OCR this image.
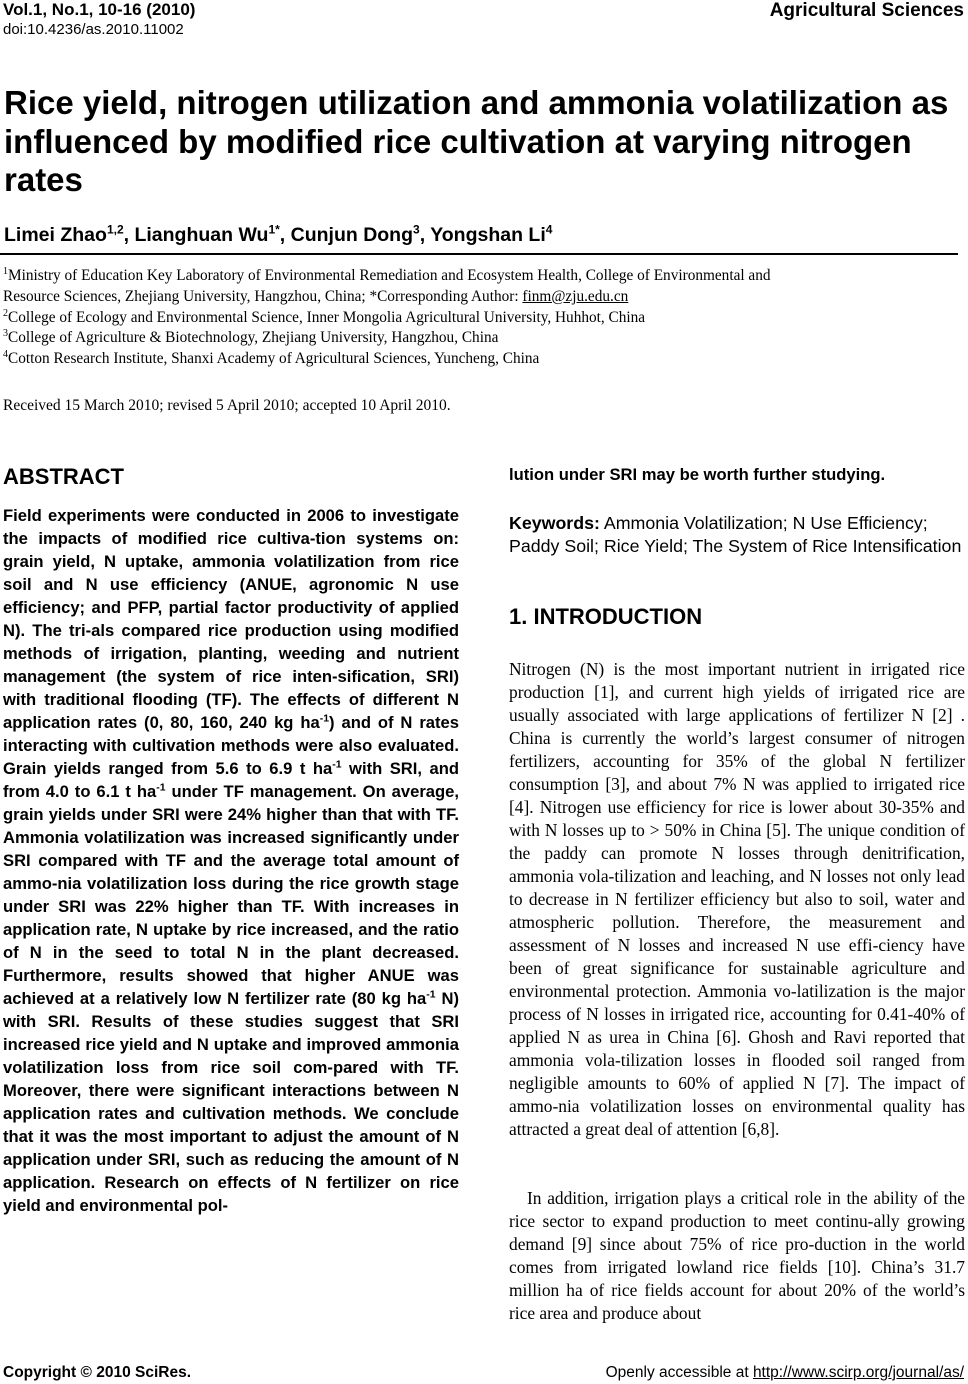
Vol.1, No.1, 10-16 (2010)
doi:10.4236/as.2010.11002
Agricultural Sciences
Rice yield, nitrogen utilization and ammonia volatilization as influenced by modified rice cultivation at varying nitrogen rates
Limei Zhao$^{1,2}$, Lianghuan $Wu^{1*}$, Cunjun Dong$^3$, Yongshan Li$^4$
$^1$Ministry of Education Key Laboratory of Environmental Remediation and Ecosystem Health, College of Environmental and
Resource Sciences, Zhejiang University, Hangzhou, China; *Corresponding Author: finm@zju.edu.cn
$^2$College of Ecology and Environmental Science, Inner Mongolia Agricultural University, Huhhot, China
$^3$College of Agriculture & Biotechnology, Zhejiang University, Hangzhou, China
$^4$Cotton Research Institute, Shanxi Academy of Agricultural Sciences, Yuncheng, China
Received 15 March 2010; revised 5 April 2010; accepted 10 April 2010.
ABSTRACT

Field experiments were conducted in 2006 to investigate the impacts of modified rice cultiva-tion systems on: grain yield, N uptake, ammonia volatilization from rice soil and N use efficiency (ANUE, agronomic N use efficiency; and PFP, partial factor productivity of applied N). The tri-als compared rice production using modified methods of irrigation, planting, weeding and nutrient management (the system of rice inten-sification, SRI) with traditional flooding (TF). The effects of different N application rates (0, 80, 160, 240 kg $ha^{-1}$) and of N rates interacting with cultivation methods were also evaluated. Grain yields ranged from 5.6 to 6.9 t $ha^{-1}$ with SRI, and from 4.0 to 6.1 t $ha^{-1}$ under TF management. On average, grain yields under SRI were 24% higher than that with TF. Ammonia volatilization was increased significantly under SRI compared with TF and the average total amount of ammo-nia volatilization loss during the rice growth stage under SRI was 22% higher than TF. With increases in application rate, N uptake by rice increased, and the ratio of N in the seed to total N in the plant decreased. Furthermore, results showed that higher ANUE was achieved at a relatively low N fertilizer rate (80 kg $ha^{-1}$ N) with SRI. Results of these studies suggest that SRI increased rice yield and N uptake and improved ammonia volatilization loss from rice soil com-pared with TF. Moreover, there were significant interactions between N application rates and cultivation methods. We conclude that it was the most important to adjust the amount of N application under SRI, such as reducing the amount of N application. Research on effects of N fertilizer on rice yield and environmental pol-

lution under SRI may be worth further studying.

Keywords: Ammonia Volatilization; N Use Efficiency; Paddy Soil; Rice Yield; The System of Rice Intensification

1. INTRODUCTION

Nitrogen (N) is the most important nutrient in irrigated rice production [1], and current high yields of irrigated rice are usually associated with large applications of fertilizer N [2] . China is currently the world’s largest consumer of nitrogen fertilizers, accounting for 35% of the global N fertilizer consumption [3], and about 7% N was applied to irrigated rice [4]. Nitrogen use efficiency for rice is lower about 30-35% and with N losses up to > 50% in China [5]. The unique condition of the paddy can promote N losses through denitrification, ammonia vola-tilization and leaching, and N losses not only lead to decrease in N fertilizer efficiency but also to soil, water and atmospheric pollution. Therefore, the measurement and assessment of N losses and increased N use effi-ciency have been of great significance for sustainable agriculture and environmental protection. Ammonia vo-latilization is the major process of N losses in irrigated rice, accounting for 0.41-40% of applied N as urea in China [6]. Ghosh and Ravi reported that ammonia vola-tilization losses in flooded soil ranged from negligible amounts to 60% of applied N [7]. The impact of ammo-nia volatilization losses on environmental quality has attracted a great deal of attention [6,8].

In addition, irrigation plays a critical role in the ability of the rice sector to expand production to meet continu-ally growing demand [9] since about 75% of rice pro-duction in the world comes from irrigated lowland rice fields [10]. China’s 31.7 million ha of rice fields account for about 20% of the world’s rice area and produce about

Copyright © 2010 SciRes.	Openly accessible at http://www.scirp.org/journal/as/
